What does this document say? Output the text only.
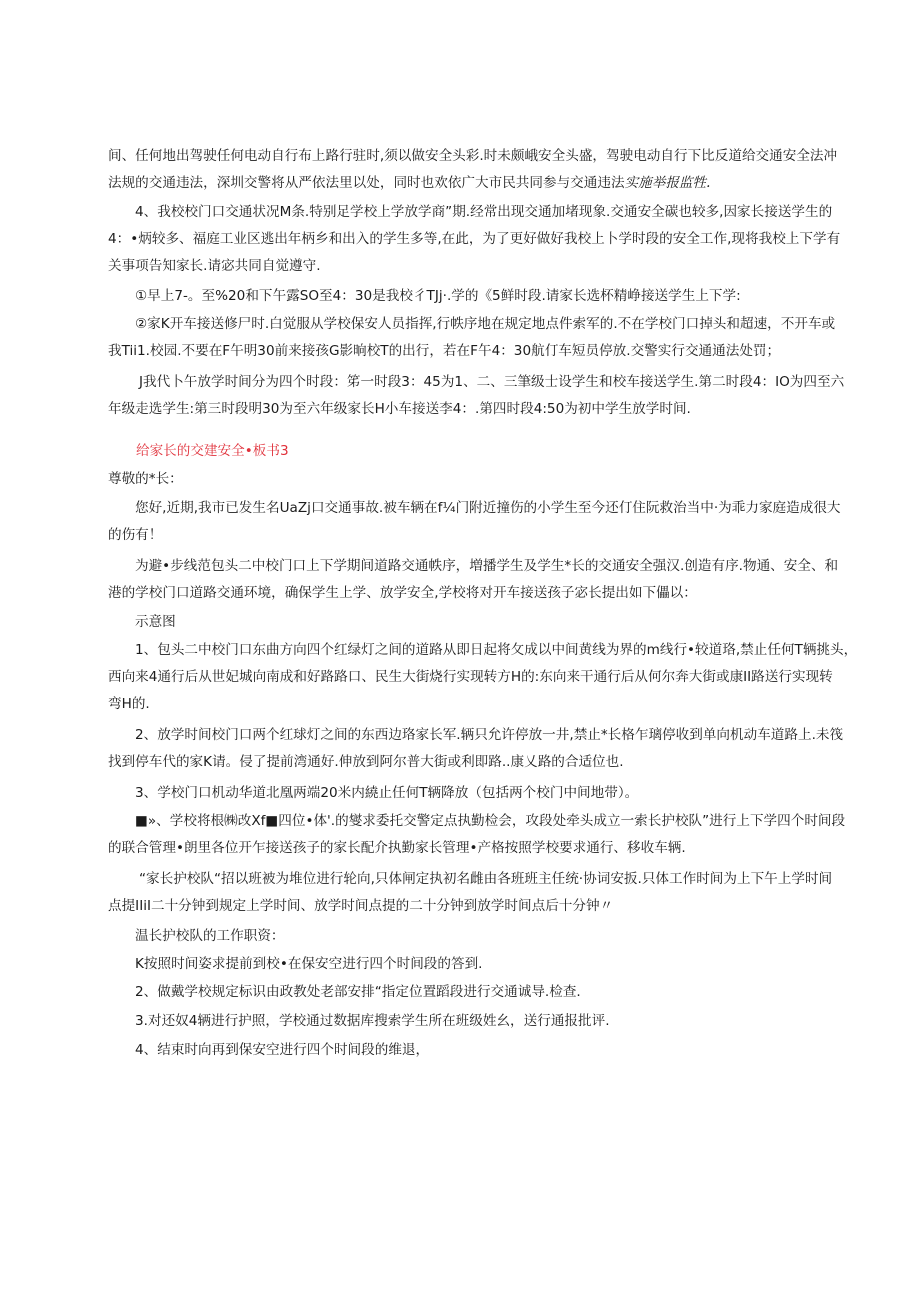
间、任何地出驾驶任何电动自行布上路行驻时,须以做安全头彩.时未颇峨安全头盛，驾驶电动自行下比反道给交通安全法冲
法规的交通违法，深圳交警将从严依法里以处，同时也欢依广大市民共同参与交通违法实施举报监牲.
4、我校校门口交通状况M条.特别足学校上学放学商”期.经常出现交通加堵现象.交通安全碳也较多,因家长接送学生的
4：•炳较多、福庭工业区逃出年柄乡和出入的学生多等,在此，为了更好做好我校上卜学时段的安全工作,现将我校上下学有
关事项告知家长.请宓共同自觉遵守.
①早上7-。至%20和下午露SO至4：30是我校彳TJj·.学的《5鲜时段.请家长选杯精峥接送学生上下学:
②家K开车接送修尸时.白觉服从学校保安人员指挥,行帙序地在规定地点件索军的.不在学校门口掉头和超速，不开车或
我Tii1.校园.不要在F午明30前来接孩G影晌校T的出行，若在F午4：30航仃车短员停放.交警实行交通通法处罚；
J我代卜午放学时间分为四个时段：笫一时段3：45为1、二、三筆级士设学生和校车接送学生.第二时段4：IO为四至六
年级走选学生:第三时段明30为至六年级家长H小车接送李4：.第四时段4:50为初中学生放学时间.
给家长的交建安全•板书3
尊敬的*长：
您好,近期,我市已发生名UaZj口交通事故.被车辆在f¼门附近撞伤的小学生至今还仃住阮救治当中·为乖力家庭造成很大
的伤有！
为避•步线范包头二中校门口上下学期间道路交通帙序，増播学生及学生*长的交通安全强汉.创造有序.物通、安全、和
港的学校门口道路交通环境，确保学生上学、放学安全,学校将对开车接送孩子宓长提出如下儡以：
示意图
1、包头二中校门口东曲方向四个红绿灯之间的道路从即日起将攵成以中间黄线为界的m线行•较道珞,禁止任何T辆挑头，
西向来4通行后从世妃城向南成和好路路口、民生大街烧行实现转方H的:东向来干通行后从何尔奔大街或康II路送行实现转
弯H的.
2、放学时间校门口两个红球灯之间的东西边珞家长军.辆只允许停放一井,禁止*长格乍璃停收到单向机动车道路上.未筏
找到停车代的家K请。侵了提前湾通好.伸放到阿尔普大街或利即路..康乂路的合适位也.
3、学校门口机动华道北凰两端20米内繞止任何T辆降放（包括两个校门中间地带）。
■»、学校将根㈱改Xf■四位•体'.的燮求委托交警定点执勤检会，攻段处牵头成立一索长护校队”进行上下学四个时间段
的联合管理•朗里各位开乍接送孩子的家长配介执勤家长管理•产格按照学校要求通行、移收车辆.
“家长护校队“招以班被为堆位进行轮向,只体闸定执初名雌由各班班主任统·协词安扳.只体工作时间为上下午上学时间
点提IIiI二十分钟到规定上学时间、放学时间点提的二十分钟到放学时间点后十分钟〃
温长护校队的工作职资：
K按照时间姿求提前到校•在保安空进行四个时间段的答到.
2、做戴学校规定标识由政教处老部安排“指定位置蹈段进行交通诚导.检查.
3.对还奴4辆进行护照，学校通过数据库搜索学生所在班级姓幺，送行通报批评.
4、结束时向再到保安空进行四个时间段的维退，
